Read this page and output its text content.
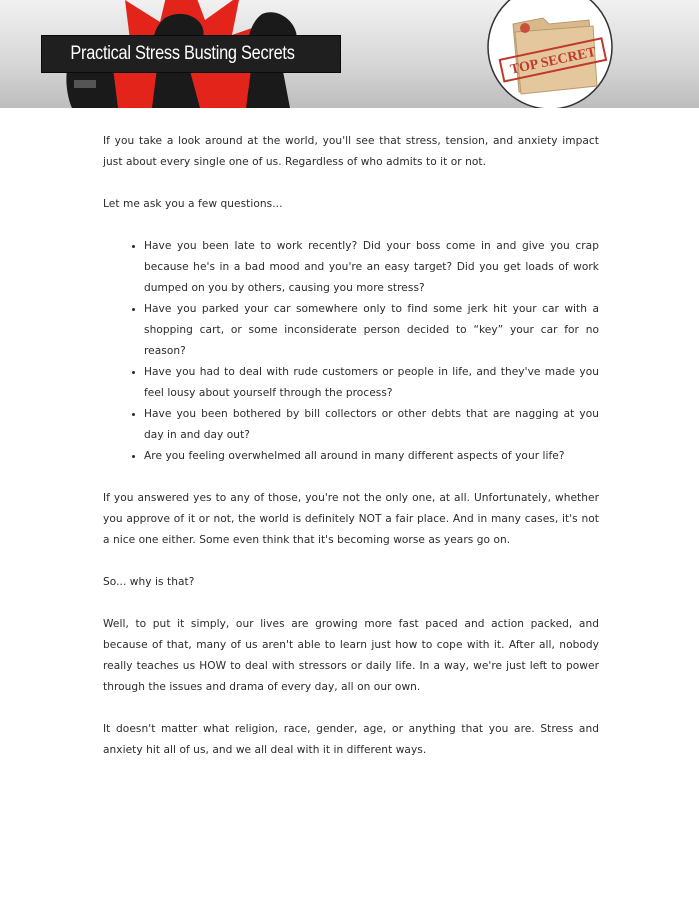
Practical Stress Busting Secrets	TOP SECRET

If you take a look around at the world, you'll see that stress, tension, and anxiety impact just about every single one of us. Regardless of who admits to it or not.

Let me ask you a few questions...

• Have you been late to work recently? Did your boss come in and give you crap because he's in a bad mood and you're an easy target? Did you get loads of work dumped on you by others, causing you more stress?
• Have you parked your car somewhere only to find some jerk hit your car with a shopping cart, or some inconsiderate person decided to “key” your car for no reason?
• Have you had to deal with rude customers or people in life, and they've made you feel lousy about yourself through the process?
• Have you been bothered by bill collectors or other debts that are nagging at you day in and day out?
• Are you feeling overwhelmed all around in many different aspects of your life?

If you answered yes to any of those, you're not the only one, at all. Unfortunately, whether you approve of it or not, the world is definitely NOT a fair place. And in many cases, it's not a nice one either. Some even think that it's becoming worse as years go on.

So... why is that?

Well, to put it simply, our lives are growing more fast paced and action packed, and because of that, many of us aren't able to learn just how to cope with it. After all, nobody really teaches us HOW to deal with stressors or daily life. In a way, we're just left to power through the issues and drama of every day, all on our own.

It doesn't matter what religion, race, gender, age, or anything that you are. Stress and anxiety hit all of us, and we all deal with it in different ways.
